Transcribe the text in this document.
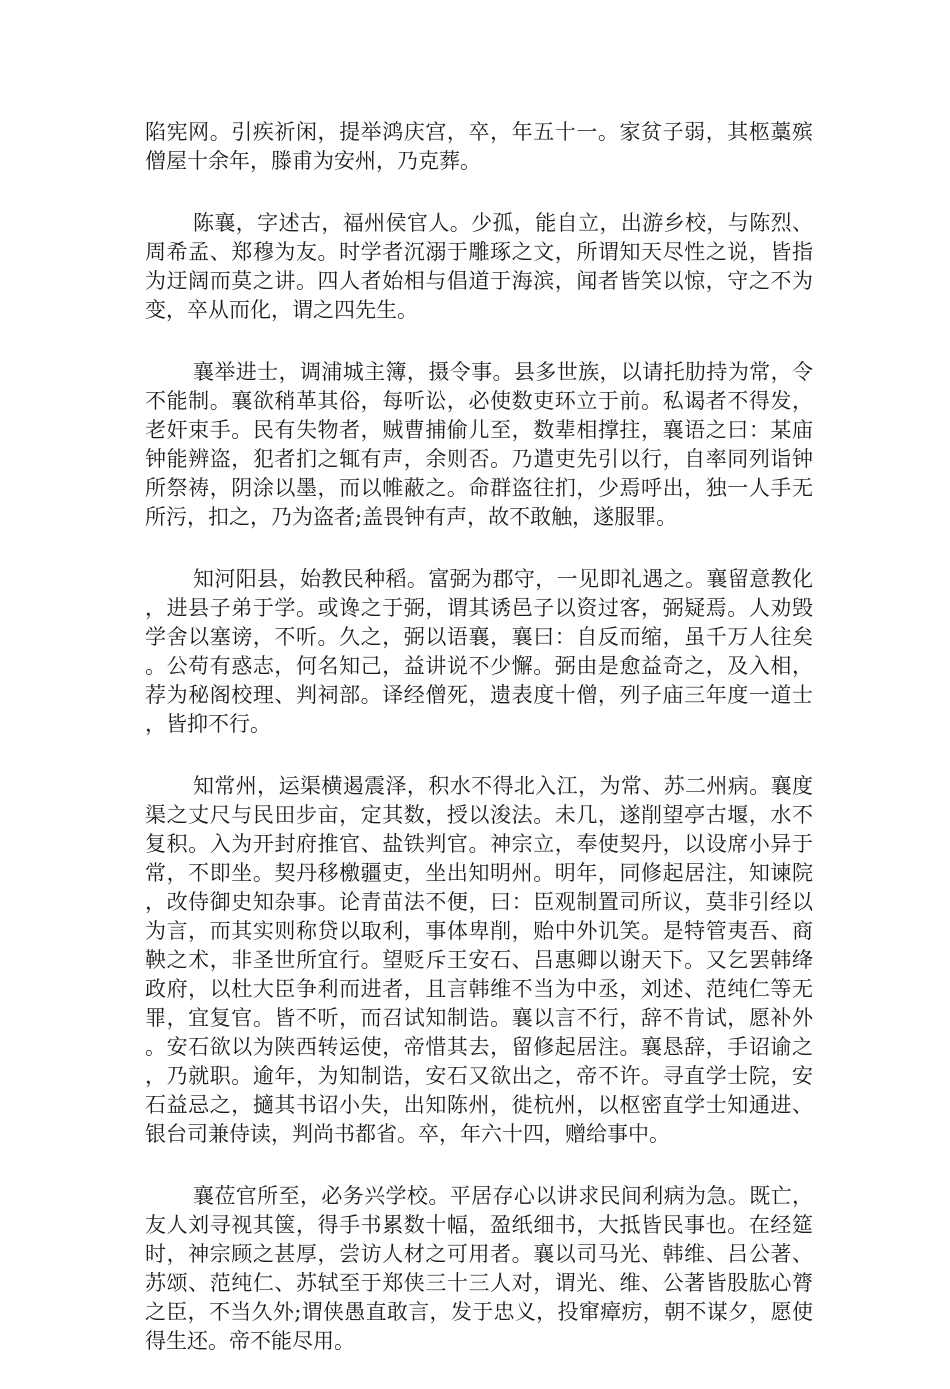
陷宪网。引疾祈闲，提举鸿庆宫，卒，年五十一。家贫子弱，其柩藁殡僧屋十余年，滕甫为安州，乃克葬。

陈襄，字述古，福州侯官人。少孤，能自立，出游乡校，与陈烈、周希孟、郑穆为友。时学者沉溺于雕琢之文，所谓知天尽性之说，皆指为迂阔而莫之讲。四人者始相与倡道于海滨，闻者皆笑以惊，守之不为变，卒从而化，谓之四先生。

襄举进士，调浦城主簿，摄令事。县多世族，以请托肋持为常，令不能制。襄欲稍革其俗，每听讼，必使数吏环立于前。私谒者不得发，老奸束手。民有失物者，贼曹捕偷儿至，数辈相撑拄，襄语之曰：某庙钟能辨盗，犯者扪之辄有声，余则否。乃遣吏先引以行，自率同列诣钟所祭祷，阴涂以墨，而以帷蔽之。命群盗往扪，少焉呼出，独一人手无所污，扣之，乃为盗者;盖畏钟有声，故不敢触，遂服罪。

知河阳县，始教民种稻。富弼为郡守，一见即礼遇之。襄留意教化，进县子弟于学。或谗之于弼，谓其诱邑子以资过客，弼疑焉。人劝毁学舍以塞谤，不听。久之，弼以语襄，襄曰：自反而缩，虽千万人往矣。公苟有惑志，何名知己，益讲说不少懈。弼由是愈益奇之，及入相，荐为秘阁校理、判祠部。译经僧死，遗表度十僧，列子庙三年度一道士，皆抑不行。

知常州，运渠横遏震泽，积水不得北入江，为常、苏二州病。襄度渠之丈尺与民田步亩，定其数，授以浚法。未几，遂削望亭古堰，水不复积。入为开封府推官、盐铁判官。神宗立，奉使契丹，以设席小异于常，不即坐。契丹移檄疆吏，坐出知明州。明年，同修起居注，知谏院，改侍御史知杂事。论青苗法不便，曰：臣观制置司所议，莫非引经以为言，而其实则称贷以取利，事体卑削，贻中外讥笑。是特管夷吾、商鞅之术，非圣世所宜行。望贬斥王安石、吕惠卿以谢天下。又乞罢韩绛政府，以杜大臣争利而进者，且言韩维不当为中丞，刘述、范纯仁等无罪，宜复官。皆不听，而召试知制诰。襄以言不行，辞不肯试，愿补外。安石欲以为陕西转运使，帝惜其去，留修起居注。襄恳辞，手诏谕之，乃就职。逾年，为知制诰，安石又欲出之，帝不许。寻直学士院，安石益忌之，擿其书诏小失，出知陈州，徙杭州，以枢密直学士知通进、银台司兼侍读，判尚书都省。卒，年六十四，赠给事中。

襄莅官所至，必务兴学校。平居存心以讲求民间利病为急。既亡，友人刘寻视其箧，得手书累数十幅，盈纸细书，大抵皆民事也。在经筵时，神宗顾之甚厚，尝访人材之可用者。襄以司马光、韩维、吕公著、苏颂、范纯仁、苏轼至于郑侠三十三人对，谓光、维、公著皆股肱心膂之臣，不当久外;谓侠愚直敢言，发于忠义，投窜瘴疠，朝不谋夕，愿使得生还。帝不能尽用。
